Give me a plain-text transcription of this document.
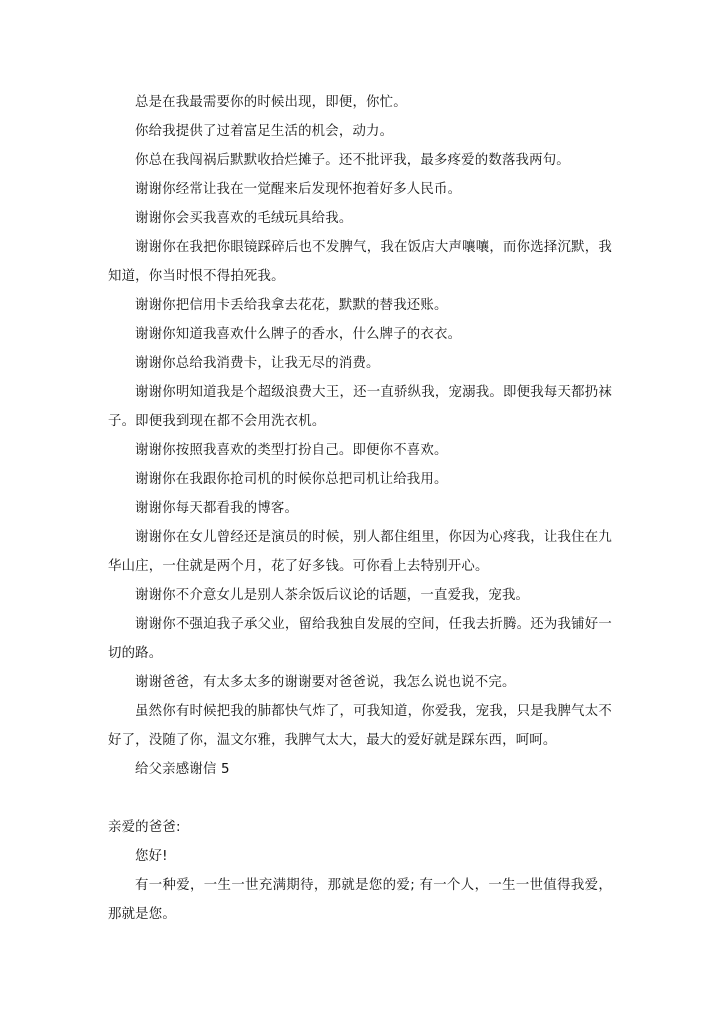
总是在我最需要你的时候出现，即便，你忙。

你给我提供了过着富足生活的机会，动力。

你总在我闯祸后默默收拾烂摊子。还不批评我，最多疼爱的数落我两句。

谢谢你经常让我在一觉醒来后发现怀抱着好多人民币。

谢谢你会买我喜欢的毛绒玩具给我。

谢谢你在我把你眼镜踩碎后也不发脾气，我在饭店大声嚷嚷，而你选择沉默，我知道，你当时恨不得拍死我。

谢谢你把信用卡丢给我拿去花花，默默的替我还账。

谢谢你知道我喜欢什么牌子的香水，什么牌子的衣衣。

谢谢你总给我消费卡，让我无尽的消费。

谢谢你明知道我是个超级浪费大王，还一直骄纵我，宠溺我。即便我每天都扔袜子。即便我到现在都不会用洗衣机。

谢谢你按照我喜欢的类型打扮自己。即便你不喜欢。

谢谢你在我跟你抢司机的时候你总把司机让给我用。

谢谢你每天都看我的博客。

谢谢你在女儿曾经还是演员的时候，别人都住组里，你因为心疼我，让我住在九华山庄，一住就是两个月，花了好多钱。可你看上去特别开心。

谢谢你不介意女儿是别人茶余饭后议论的话题，一直爱我，宠我。

谢谢你不强迫我子承父业，留给我独自发展的空间，任我去折腾。还为我铺好一切的路。

谢谢爸爸，有太多太多的谢谢要对爸爸说，我怎么说也说不完。

虽然你有时候把我的肺都快气炸了，可我知道，你爱我，宠我，只是我脾气太不好了，没随了你，温文尔雅，我脾气太大，最大的爱好就是踩东西，呵呵。

给父亲感谢信 5

亲爱的爸爸:

您好!

有一种爱，一生一世充满期待，那就是您的爱; 有一个人，一生一世值得我爱，那就是您。
